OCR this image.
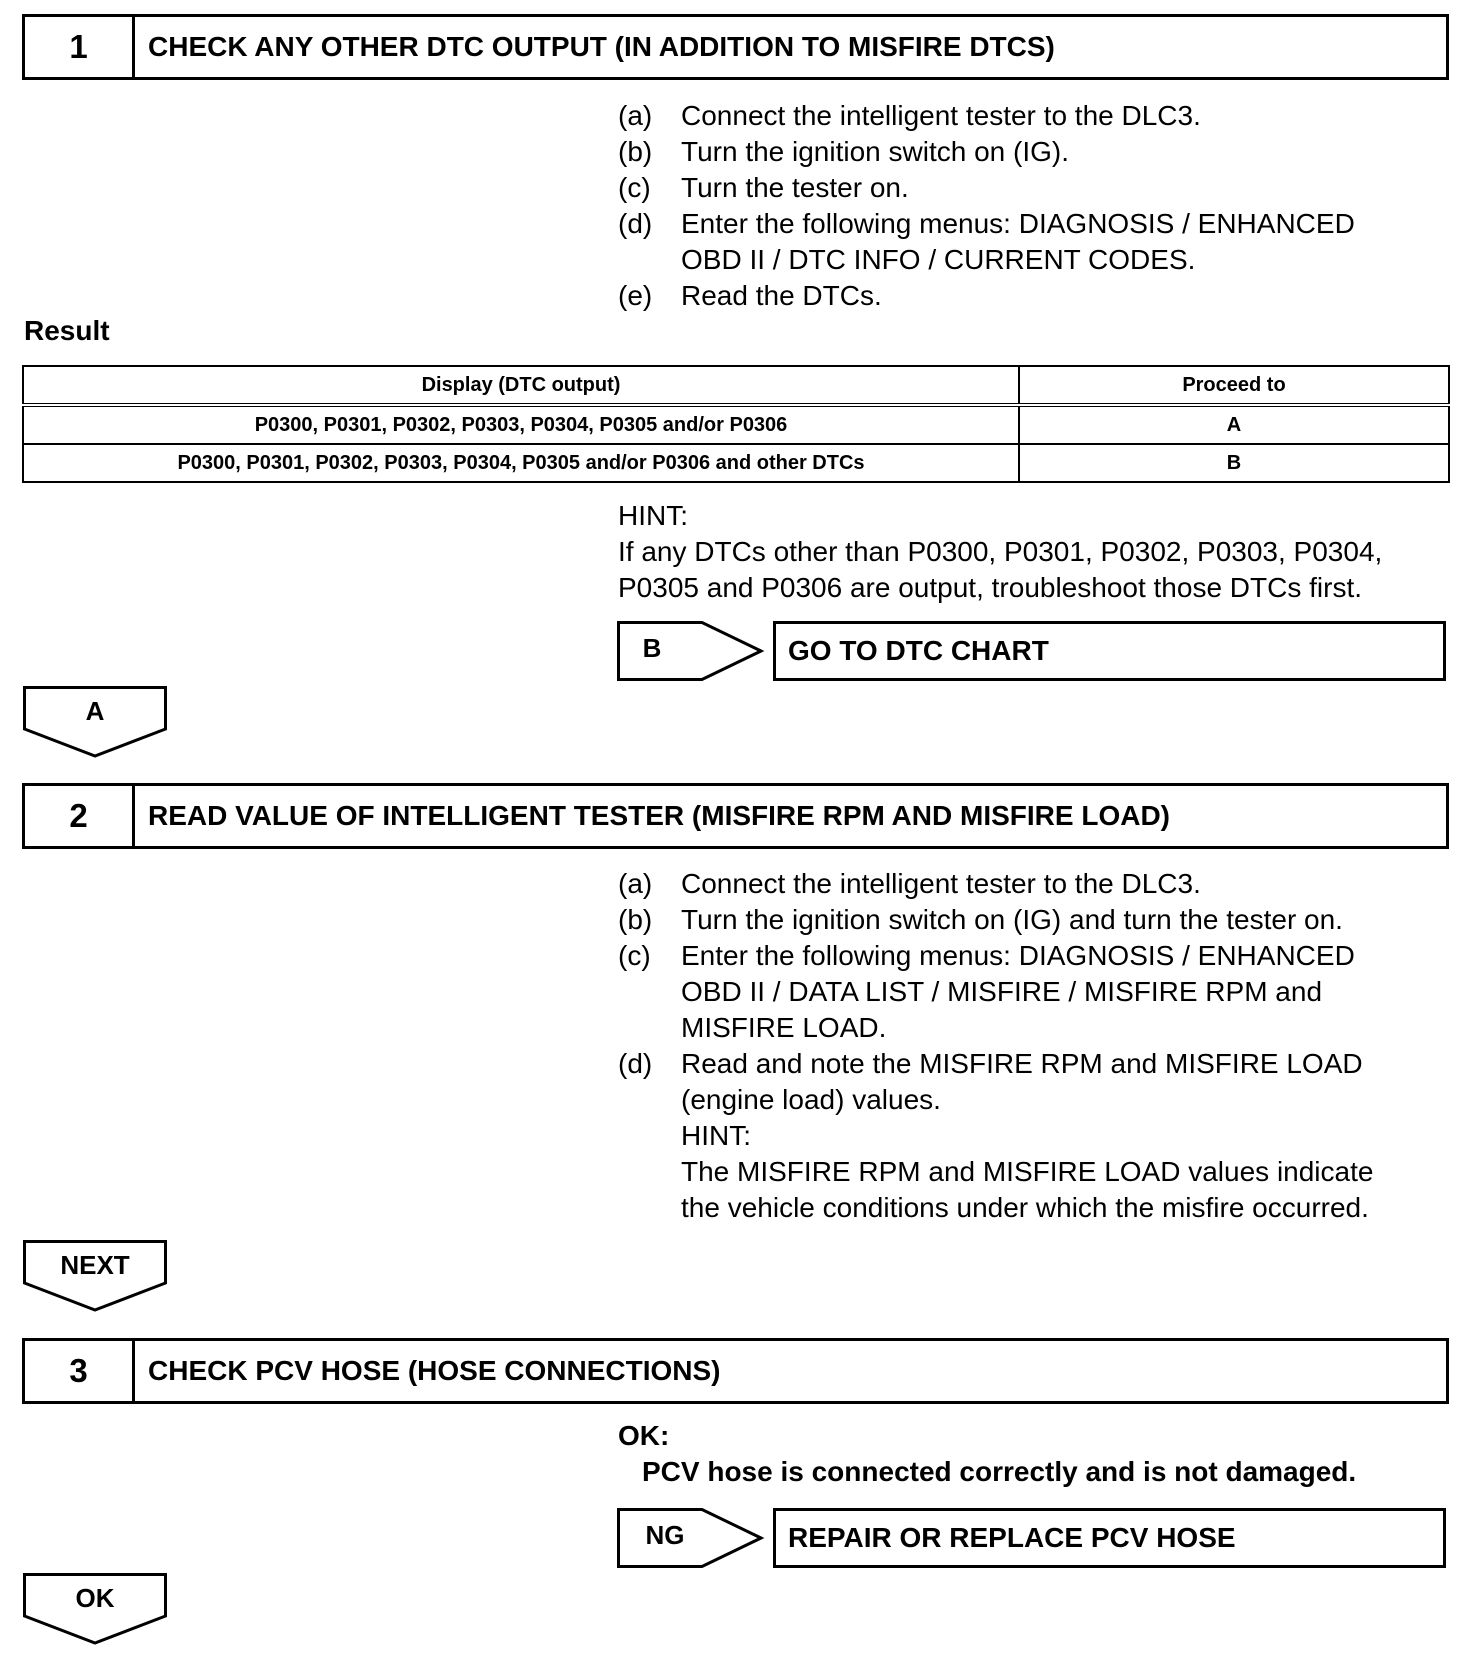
1	CHECK ANY OTHER DTC OUTPUT (IN ADDITION TO MISFIRE DTCS)
(a)	Connect the intelligent tester to the DLC3.
(b)	Turn the ignition switch on (IG).
(c)	Turn the tester on.
(d)	Enter the following menus: DIAGNOSIS / ENHANCED
OBD II / DTC INFO / CURRENT CODES.
(e)	Read the DTCs.
Result
Display (DTC output)	Proceed to
P0300, P0301, P0302, P0303, P0304, P0305 and/or P0306	A
P0300, P0301, P0302, P0303, P0304, P0305 and/or P0306 and other DTCs	B
HINT:
If any DTCs other than P0300, P0301, P0302, P0303, P0304,
P0305 and P0306 are output, troubleshoot those DTCs first.
B	GO TO DTC CHART
A
2	READ VALUE OF INTELLIGENT TESTER (MISFIRE RPM AND MISFIRE LOAD)
(a)	Connect the intelligent tester to the DLC3.
(b)	Turn the ignition switch on (IG) and turn the tester on.
(c)	Enter the following menus: DIAGNOSIS / ENHANCED
OBD II / DATA LIST / MISFIRE / MISFIRE RPM and
MISFIRE LOAD.
(d)	Read and note the MISFIRE RPM and MISFIRE LOAD
(engine load) values.
HINT:
The MISFIRE RPM and MISFIRE LOAD values indicate
the vehicle conditions under which the misfire occurred.
NEXT
3	CHECK PCV HOSE (HOSE CONNECTIONS)
OK:
PCV hose is connected correctly and is not damaged.
NG	REPAIR OR REPLACE PCV HOSE
OK
